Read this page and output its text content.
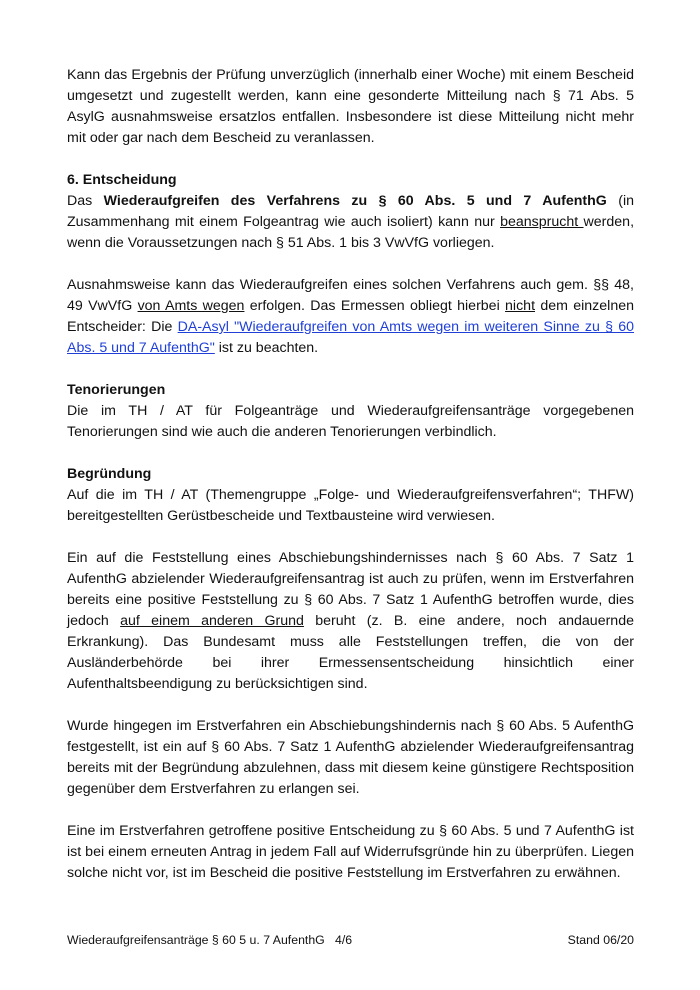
Kann das Ergebnis der Prüfung unverzüglich (innerhalb einer Woche) mit einem Bescheid umgesetzt und zugestellt werden, kann eine gesonderte Mitteilung nach § 71 Abs. 5 AsylG ausnahmsweise ersatzlos entfallen. Insbesondere ist diese Mitteilung nicht mehr mit oder gar nach dem Bescheid zu veranlassen.

6. Entscheidung

Das Wiederaufgreifen des Verfahrens zu § 60 Abs. 5 und 7 AufenthG (in Zusammenhang mit einem Folgeantrag wie auch isoliert) kann nur beansprucht werden, wenn die Voraussetzungen nach § 51 Abs. 1 bis 3 VwVfG vorliegen.

Ausnahmsweise kann das Wiederaufgreifen eines solchen Verfahrens auch gem. §§ 48, 49 VwVfG von Amts wegen erfolgen. Das Ermessen obliegt hierbei nicht dem einzelnen Entscheider: Die DA-Asyl "Wiederaufgreifen von Amts wegen im weiteren Sinne zu § 60 Abs. 5 und 7 AufenthG" ist zu beachten.

Tenorierungen

Die im TH / AT für Folgeanträge und Wiederaufgreifensanträge vorgegebenen Tenorierungen sind wie auch die anderen Tenorierungen verbindlich.

Begründung

Auf die im TH / AT (Themengruppe „Folge- und Wiederaufgreifensverfahren“; THFW) bereitgestellten Gerüstbescheide und Textbausteine wird verwiesen.

Ein auf die Feststellung eines Abschiebungshindernisses nach § 60 Abs. 7 Satz 1 AufenthG abzielender Wiederaufgreifensantrag ist auch zu prüfen, wenn im Erstverfahren bereits eine positive Feststellung zu § 60 Abs. 7 Satz 1 AufenthG betroffen wurde, dies jedoch auf einem anderen Grund beruht (z. B. eine andere, noch andauernde Erkrankung). Das Bundesamt muss alle Feststellungen treffen, die von der Ausländerbehörde bei ihrer Ermessensentscheidung hinsichtlich einer Aufenthaltsbeendigung zu berücksichtigen sind.

Wurde hingegen im Erstverfahren ein Abschiebungshindernis nach § 60 Abs. 5 AufenthG festgestellt, ist ein auf § 60 Abs. 7 Satz 1 AufenthG abzielender Wiederaufgreifensantrag bereits mit der Begründung abzulehnen, dass mit diesem keine günstigere Rechtsposition gegenüber dem Erstverfahren zu erlangen sei.

Eine im Erstverfahren getroffene positive Entscheidung zu § 60 Abs. 5 und 7 AufenthG ist ist bei einem erneuten Antrag in jedem Fall auf Widerrufsgründe hin zu überprüfen. Liegen solche nicht vor, ist im Bescheid die positive Feststellung im Erstverfahren zu erwähnen.

Wiederaufgreifensanträge § 60 5 u. 7 AufenthG   4/6	Stand 06/20
